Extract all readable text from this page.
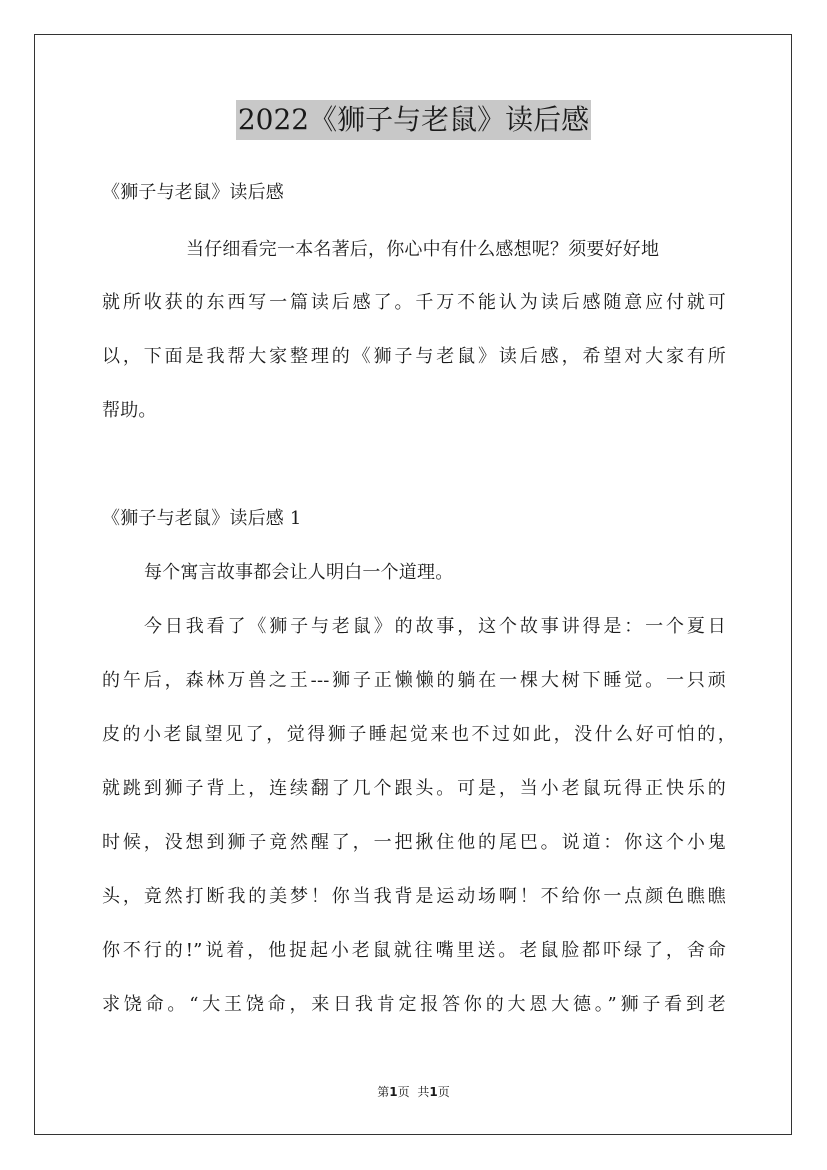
2022《狮子与老鼠》读后感
《狮子与老鼠》读后感
当仔细看完一本名著后，你心中有什么感想呢？须要好好地
就所收获的东西写一篇读后感了。千万不能认为读后感随意应付就可
以，下面是我帮大家整理的《狮子与老鼠》读后感，希望对大家有所
帮助。
《狮子与老鼠》读后感 1
每个寓言故事都会让人明白一个道理。
今日我看了《狮子与老鼠》的故事，这个故事讲得是：一个夏日
的午后，森林万兽之王---狮子正懒懒的躺在一棵大树下睡觉。一只顽
皮的小老鼠望见了，觉得狮子睡起觉来也不过如此，没什么好可怕的，
就跳到狮子背上，连续翻了几个跟头。可是，当小老鼠玩得正快乐的
时候，没想到狮子竟然醒了，一把揪住他的尾巴。说道：你这个小鬼
头，竟然打断我的美梦！你当我背是运动场啊！不给你一点颜色瞧瞧
你不行的!”说着，他捉起小老鼠就往嘴里送。老鼠脸都吓绿了，舍命
求饶命。“大王饶命，来日我肯定报答你的大恩大德。”狮子看到老
第1页 共1页
